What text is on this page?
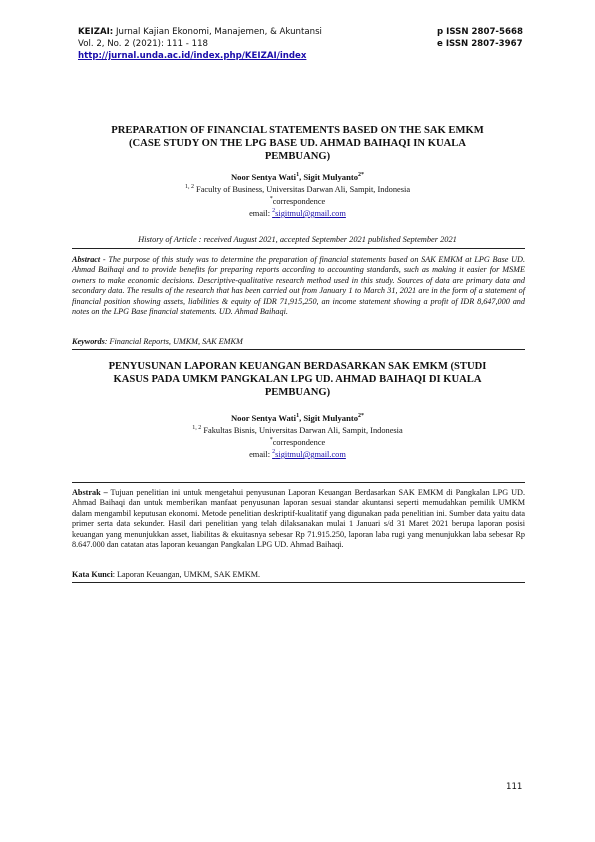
KEIZAI: Jurnal Kajian Ekonomi, Manajemen, & Akuntansi
Vol. 2, No. 2 (2021): 111 - 118
http://jurnal.unda.ac.id/index.php/KEIZAI/index
p ISSN 2807-5668
e ISSN 2807-3967
PREPARATION OF FINANCIAL STATEMENTS BASED ON THE SAK EMKM
(CASE STUDY ON THE LPG BASE UD. AHMAD BAIHAQI IN KUALA
PEMBUANG)
Noor Sentya Wati$^1$, Sigit Mulyanto$^{2*}$
$^{1, 2}$ Faculty of Business, Universitas Darwan Ali, Sampit, Indonesia
*correspondence
email: $^2$sigitmul@gmail.com
History of Article : received August 2021, accepted September 2021 published September 2021
Abstract - The purpose of this study was to determine the preparation of financial statements based on SAK EMKM at LPG Base UD. Ahmad Baihaqi and to provide benefits for preparing reports according to accounting standards, such as making it easier for MSME owners to make economic decisions. Descriptive-qualitative research method used in this study. Sources of data are primary data and secondary data. The results of the research that has been carried out from January 1 to March 31, 2021 are in the form of a statement of financial position showing assets, liabilities & equity of IDR 71,915,250, an income statement showing a profit of IDR 8,647,000 and notes on the LPG Base financial statements. UD. Ahmad Baihaqi.
Keywords: Financial Reports, UMKM, SAK EMKM
PENYUSUNAN LAPORAN KEUANGAN BERDASARKAN SAK EMKM (STUDI
KASUS PADA UMKM PANGKALAN LPG UD. AHMAD BAIHAQI DI KUALA
PEMBUANG)
Noor Sentya Wati$^1$, Sigit Mulyanto$^{2*}$
$^{1, 2}$ Fakultas Bisnis, Universitas Darwan Ali, Sampit, Indonesia
*correspondence
email: $^2$sigitmul@gmail.com
Abstrak – Tujuan penelitian ini untuk mengetahui penyusunan Laporan Keuangan Berdasarkan SAK EMKM di Pangkalan LPG UD. Ahmad Baihaqi dan untuk memberikan manfaat penyusunan laporan sesuai standar akuntansi seperti memudahkan pemilik UMKM dalam mengambil keputusan ekonomi. Metode penelitian deskriptif-kualitatif yang digunakan pada penelitian ini. Sumber data yaitu data primer serta data sekunder. Hasil dari penelitian yang telah dilaksanakan mulai 1 Januari s/d 31 Maret 2021 berupa laporan posisi keuangan yang menunjukkan asset, liabilitas & ekuitasnya sebesar Rp 71.915.250, laporan laba rugi yang menunjukkan laba sebesar Rp 8.647.000 dan catatan atas laporan keuangan Pangkalan LPG UD. Ahmad Baihaqi.
Kata Kunci: Laporan Keuangan, UMKM, SAK EMKM.
111
